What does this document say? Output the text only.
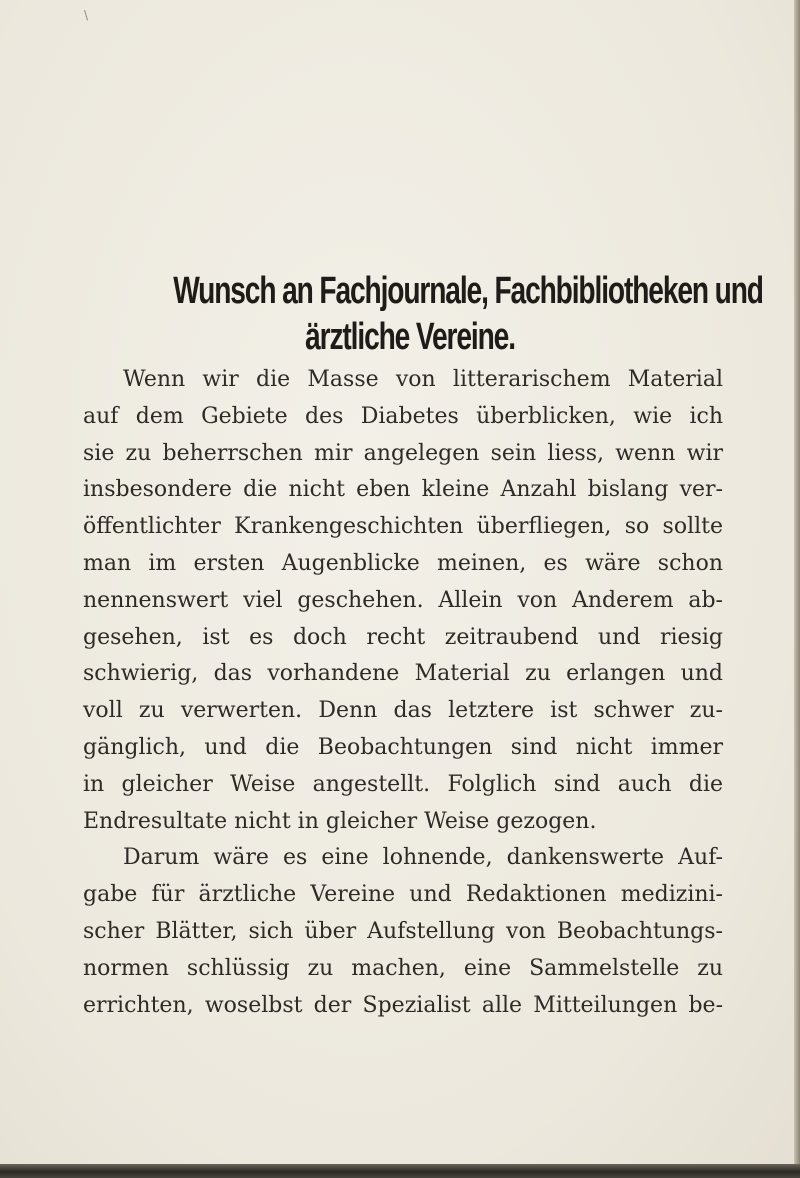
\
Wunsch an Fachjournale, Fachbibliotheken und
ärztliche Vereine.
Wenn wir die Masse von litterarischem Material
auf dem Gebiete des Diabetes überblicken, wie ich
sie zu beherrschen mir angelegen sein liess, wenn wir
insbesondere die nicht eben kleine Anzahl bislang ver-
öffentlichter Krankengeschichten überfliegen, so sollte
man im ersten Augenblicke meinen, es wäre schon
nennenswert viel geschehen. Allein von Anderem ab-
gesehen, ist es doch recht zeitraubend und riesig
schwierig, das vorhandene Material zu erlangen und
voll zu verwerten. Denn das letztere ist schwer zu-
gänglich, und die Beobachtungen sind nicht immer
in gleicher Weise angestellt. Folglich sind auch die
Endresultate nicht in gleicher Weise gezogen.
Darum wäre es eine lohnende, dankenswerte Auf-
gabe für ärztliche Vereine und Redaktionen medizini-
scher Blätter, sich über Aufstellung von Beobachtungs-
normen schlüssig zu machen, eine Sammelstelle zu
errichten, woselbst der Spezialist alle Mitteilungen be-
